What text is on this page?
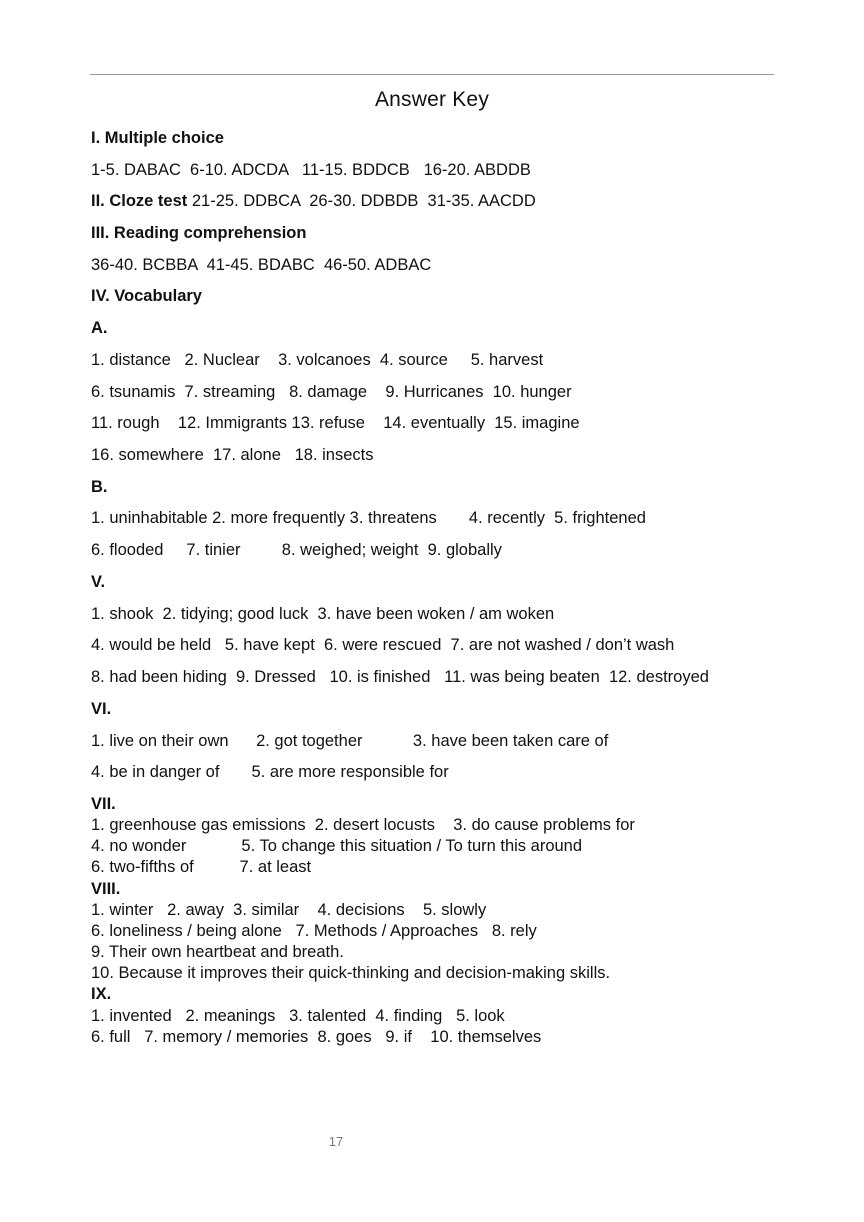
Answer Key
I. Multiple choice
1-5. DABAC  6-10. ADCDA   11-15. BDDCB   16-20. ABDDB
II. Cloze test 21-25. DDBCA  26-30. DDBDB  31-35. AACDD
III. Reading comprehension
36-40. BCBBA  41-45. BDABC  46-50. ADBAC
IV. Vocabulary
A.
1. distance   2. Nuclear    3. volcanoes  4. source     5. harvest
6. tsunamis  7. streaming   8. damage    9. Hurricanes  10. hunger
11. rough    12. Immigrants 13. refuse    14. eventually  15. imagine
16. somewhere  17. alone   18. insects
B.
1. uninhabitable 2. more frequently 3. threatens       4. recently  5. frightened
6. flooded     7. tinier         8. weighed; weight  9. globally
V.
1. shook  2. tidying; good luck  3. have been woken / am woken
4. would be held   5. have kept  6. were rescued  7. are not washed / don’t wash
8. had been hiding  9. Dressed   10. is finished   11. was being beaten  12. destroyed
VI.
1. live on their own      2. got together           3. have been taken care of
4. be in danger of       5. are more responsible for
VII.
1. greenhouse gas emissions  2. desert locusts    3. do cause problems for
4. no wonder            5. To change this situation / To turn this around
6. two-fifths of          7. at least
VIII.
1. winter   2. away  3. similar    4. decisions    5. slowly
6. loneliness / being alone   7. Methods / Approaches   8. rely
9. Their own heartbeat and breath.
10. Because it improves their quick-thinking and decision-making skills.
IX.
1. invented   2. meanings   3. talented  4. finding   5. look
6. full   7. memory / memories  8. goes   9. if    10. themselves
17
